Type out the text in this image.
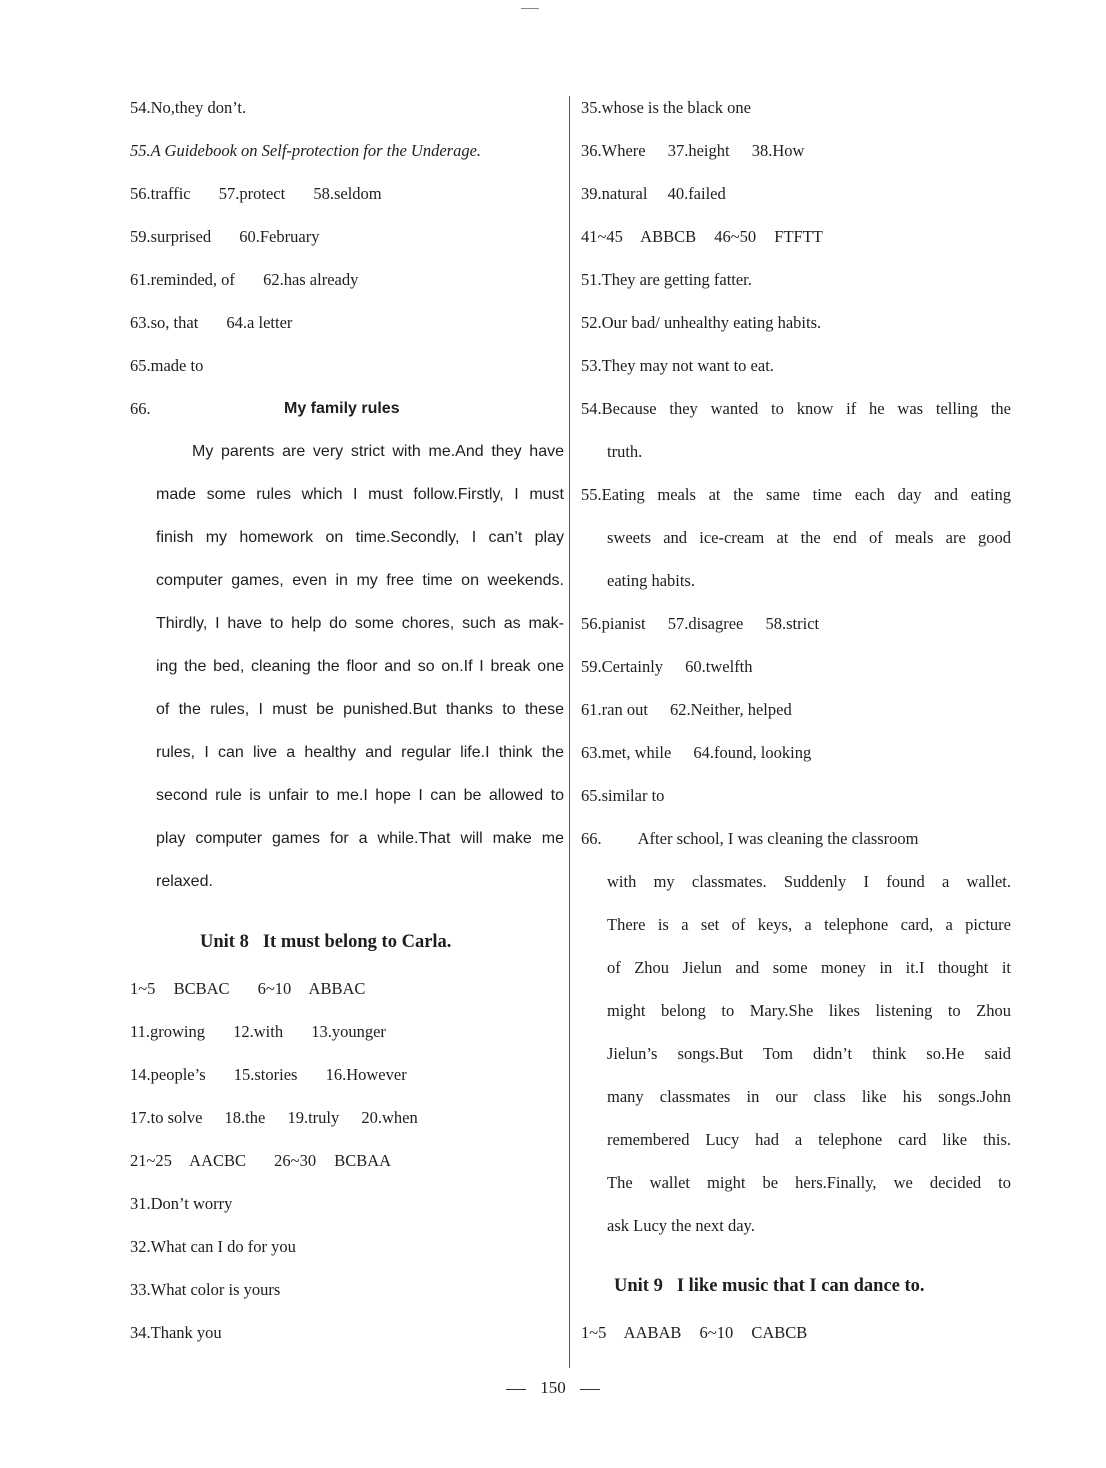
54.No,they don’t.
55.A Guidebook on Self-protection for the Underage.
56.traffic 57.protect 58.seldom
59.surprised 60.February
61.reminded, of 62.has already
63.so, that 64.a letter
65.made to
66.	My family rules
My parents are very strict with me.And they have
made some rules which I must follow.Firstly, I must
finish my homework on time.Secondly, I can’t play
computer games, even in my free time on weekends.
Thirdly, I have to help do some chores, such as mak-
ing the bed, cleaning the floor and so on.If I break one
of the rules, I must be punished.But thanks to these
rules, I can live a healthy and regular life.I think the
second rule is unfair to me.I hope I can be allowed to
play computer games for a while.That will make me
relaxed.
Unit 8 It must belong to Carla.
1~5 BCBAC 6~10 ABBAC
11.growing 12.with 13.younger
14.people’s 15.stories 16.However
17.to solve 18.the 19.truly 20.when
21~25 AACBC 26~30 BCBAA
31.Don’t worry
32.What can I do for you
33.What color is yours
34.Thank you
35.whose is the black one
36.Where 37.height 38.How
39.natural 40.failed
41~45 ABBCB 46~50 FTFTT
51.They are getting fatter.
52.Our bad/ unhealthy eating habits.
53.They may not want to eat.
54.Because they wanted to know if he was telling the
truth.
55.Eating meals at the same time each day and eating
sweets and ice-cream at the end of meals are good
eating habits.
56.pianist 57.disagree 58.strict
59.Certainly 60.twelfth
61.ran out 62.Neither, helped
63.met, while 64.found, looking
65.similar to
66. After school, I was cleaning the classroom
with my classmates. Suddenly I found a wallet.
There is a set of keys, a telephone card, a picture
of Zhou Jielun and some money in it.I thought it
might belong to Mary.She likes listening to Zhou
Jielun’s songs.But Tom didn’t think so.He said
many classmates in our class like his songs.John
remembered Lucy had a telephone card like this.
The wallet might be hers.Finally, we decided to
ask Lucy the next day.
Unit 9 I like music that I can dance to.
1~5 AABAB 6~10 CABCB
150
